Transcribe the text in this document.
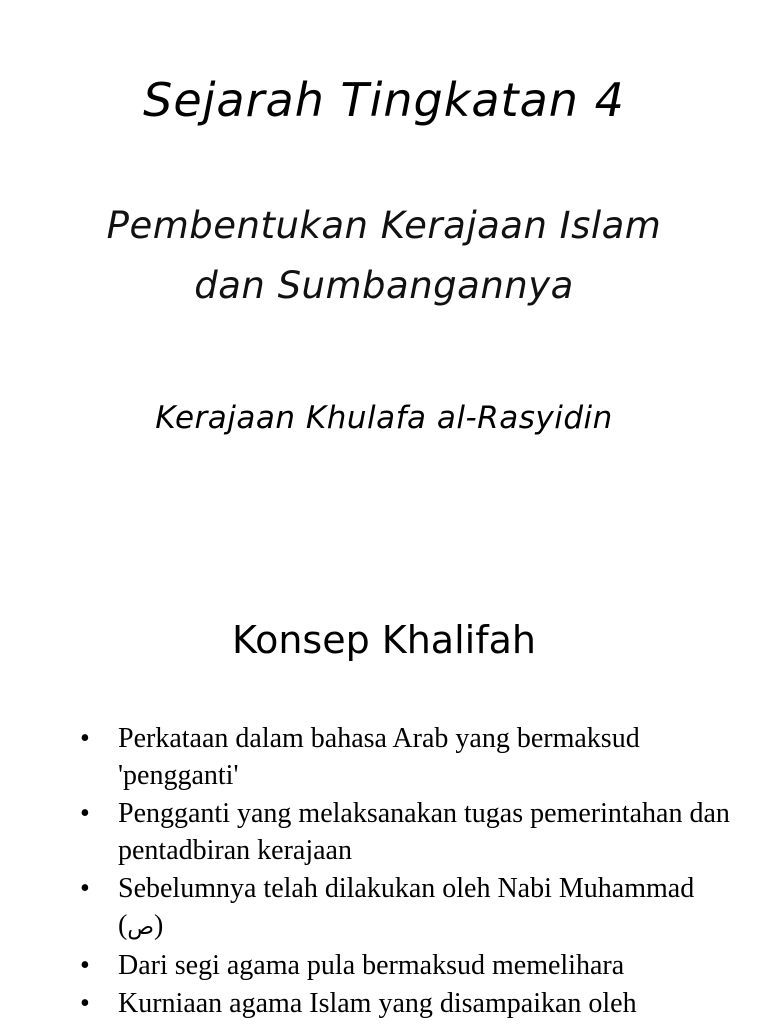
Sejarah Tingkatan 4
Pembentukan Kerajaan Islam
dan Sumbangannya
Kerajaan Khulafa al-Rasyidin
Konsep Khalifah
• Perkataan dalam bahasa Arab yang bermaksud 'pengganti'
• Pengganti yang melaksanakan tugas pemerintahan dan pentadbiran kerajaan
• Sebelumnya telah dilakukan oleh Nabi Muhammad (ص)
• Dari segi agama pula bermaksud memelihara
• Kurniaan agama Islam yang disampaikan oleh
